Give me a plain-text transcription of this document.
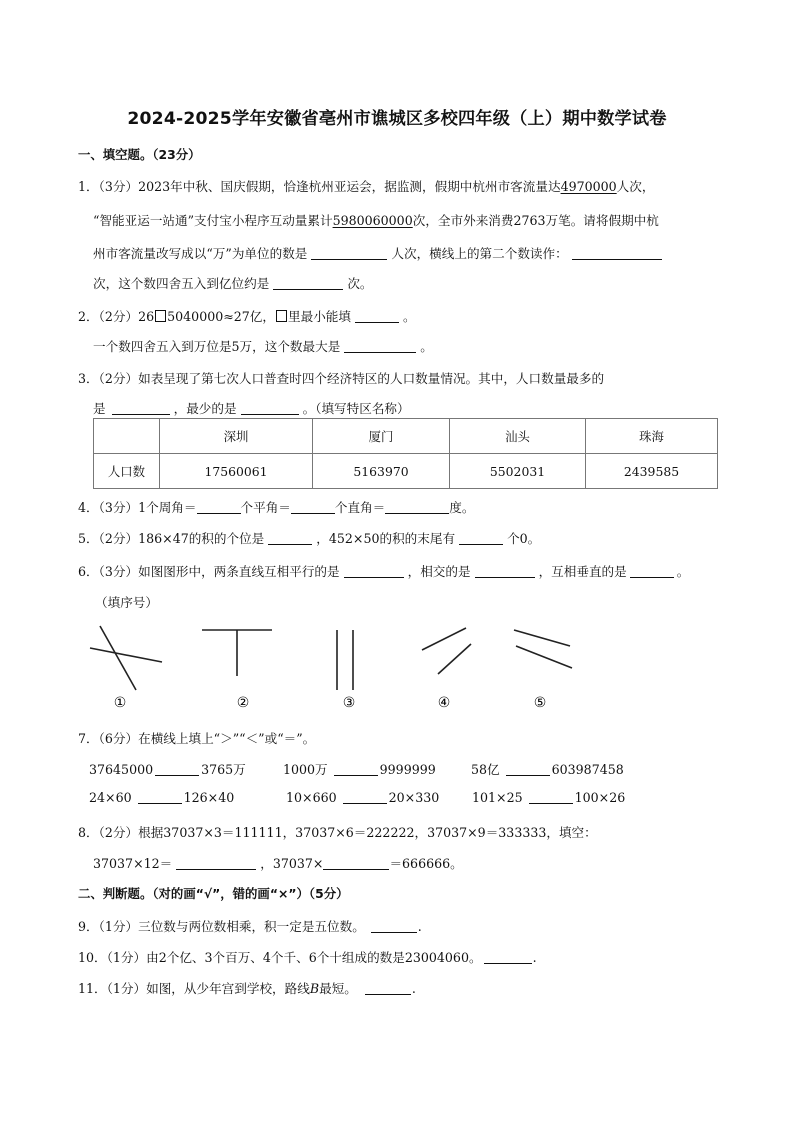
2024-2025学年安徽省亳州市谯城区多校四年级（上）期中数学试卷
一、填空题。（23分）
1．（3分）2023年中秋、国庆假期，恰逢杭州亚运会，据监测，假期中杭州市客流量达4970000人次，
“智能亚运一站通”支付宝小程序互动量累计5980060000次，全市外来消费2763万笔。请将假期中杭
州市客流量改写成以“万”为单位的数是	人次，横线上的第二个数读作：
次，这个数四舍五入到亿位约是	次。
2．（2分）26 5040000≈27亿， 里最小能填	。
一个数四舍五入到万位是5万，这个数最大是	。
3．（2分）如表呈现了第七次人口普查时四个经济特区的人口数量情况。其中，人口数量最多的
是	，最少的是	。（填写特区名称）
	深圳	厦门	汕头	珠海
人口数	17560061	5163970	5502031	2439585
4．（3分）1个周角＝	个平角＝	个直角＝	度。
5．（2分）186×47的积的个位是	，452×50的积的末尾有	个0。
6．（3分）如图图形中，两条直线互相平行的是	，相交的是	，互相垂直的是	。
（填序号）
①	②	③	④	⑤
7．（6分）在横线上填上“＞”“＜”或“＝”。
37645000	3765万	1000万	9999999	58亿	603987458
24×60	126×40	10×660	20×330	101×25	100×26
8．（2分）根据37037×3＝111111，37037×6＝222222，37037×9＝333333，填空：
37037×12＝	，37037×	＝666666。
二、判断题。（对的画“√”，错的画“×”）（5分）
9．（1分）三位数与两位数相乘，积一定是五位数。	.
10．（1分）由2个亿、3个百万、4个千、6个十组成的数是23004060。	.
11．（1分）如图，从少年宫到学校，路线B最短。	.
